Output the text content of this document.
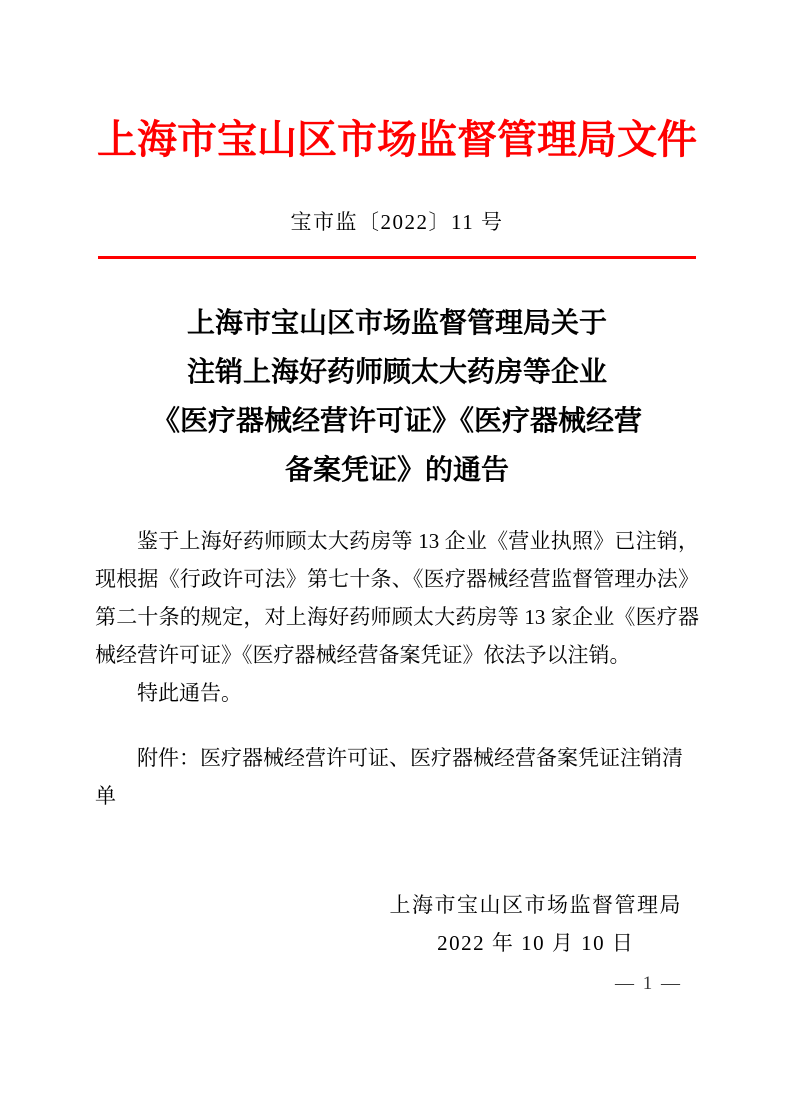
上海市宝山区市场监督管理局文件
宝市监〔2022〕11 号
上海市宝山区市场监督管理局关于
注销上海好药师顾太大药房等企业
《医疗器械经营许可证》《医疗器械经营
备案凭证》的通告

鉴于上海好药师顾太大药房等 13 企业《营业执照》已注销，现根据《行政许可法》第七十条、《医疗器械经营监督管理办法》第二十条的规定，对上海好药师顾太大药房等 13 家企业《医疗器械经营许可证》《医疗器械经营备案凭证》依法予以注销。

特此通告。

附件：医疗器械经营许可证、医疗器械经营备案凭证注销清单
上海市宝山区市场监督管理局
2022 年 10 月 10 日
— 1 —
